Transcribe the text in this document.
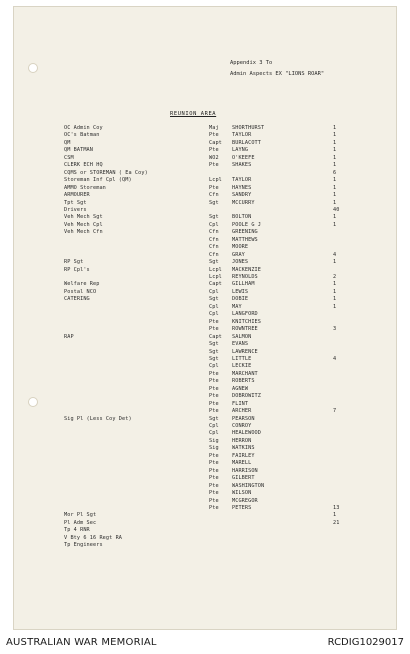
Appendix 3 To
Admin Aspects EX "LIONS ROAR"
REUNION AREA
OC Admin Coy	Maj	SHORTHURST	1
OC's Batman	Pte	TAYLOR	1
QM	Capt BURLACOTT	1
QM BATMAN	Pte	LAYNG	1
CSM	WO2	O'KEEFE	1
CLERK ECH HQ	Pte	SHAKES	1
CQMS or STOREMAN ( Ea Coy)	6
Storeman Inf Cpl (QM)	Lcpl TAYLOR	1
AMMO Storeman	Pte	HAYNES	1
ARMOURER	Cfn	SANDRY	1
Tpt Sgt	Sgt	MCCURRY	1
Drivers	40
Veh Mech Sgt	Sgt	BOLTON	1
Veh Mech Cpl	Cpl	POOLE G J	1
Veh Mech Cfn	Cfn	GREENING
Cfn	MATTHEWS
Cfn	MOORE
Cfn	GRAY	4
RP Sgt	Sgt	JONES	1
RP Cpl's	Lcpl MACKENZIE
Lcpl REYNOLDS	2
Welfare Rep	Capt GILLHAM	1
Postal NCO	Cpl	LEWIS	1
CATERING	Sgt	DOBIE	1
Cpl	MAY	1
Cpl	LANGFORD
Pte	KNITCHIES
Pte	ROWNTREE	3
RAP	Capt SALMON
Sgt	EVANS
Sgt	LAWRENCE
Sgt	LITTLE	4
Cpl	LECKIE
Pte	MARCHANT
Pte	ROBERTS
Pte	AGNEW
Pte	DOBROWITZ
Pte	FLINT
Pte	ARCHER	7
Sig Pl (Less Coy Det)	Sgt	PEARSON
Cpl	CONROY
Cpl	HEALEWOOD
Sig	HERRON
Sig	WATKINS
Pte	FAIRLEY
Pte	MARELL
Pte	HARRISON
Pte	GILBERT
Pte	WASHINGTON
Pte	WILSON
Pte	MCGREGOR
Pte	PETERS	13
Mor Pl Sgt	1
Pl Adm Sec	21
Tp 4 RNR
V Bty 6 16 Regt RA
Tp Engineers
AUSTRALIAN WAR MEMORIAL	RCDIG1029017
